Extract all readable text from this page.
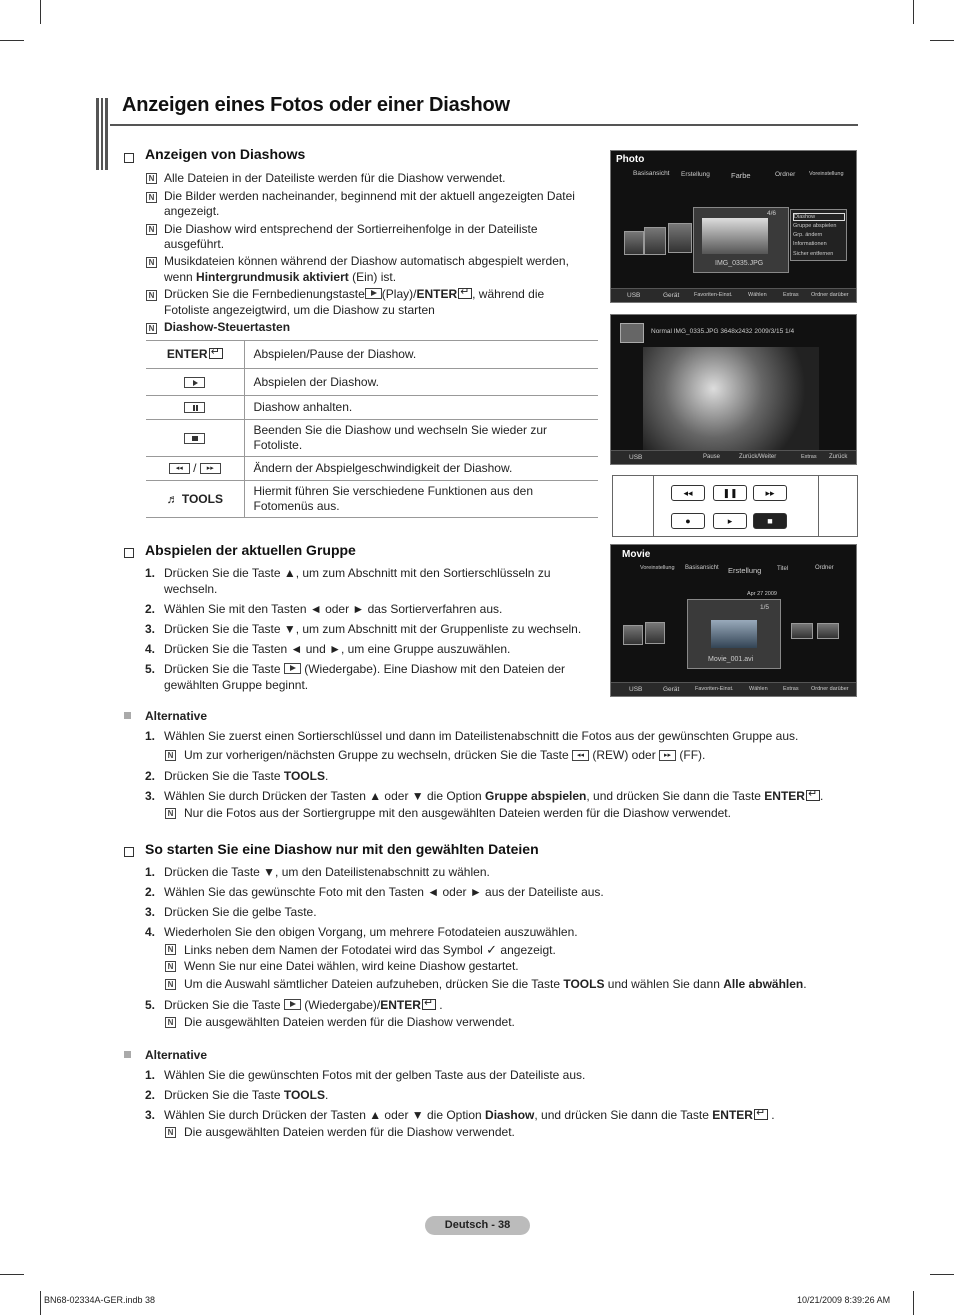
Anzeigen eines Fotos oder einer Diashow
Anzeigen von Diashows
N Alle Dateien in der Dateiliste werden für die Diashow verwendet.
N Die Bilder werden nacheinander, beginnend mit der aktuell angezeigten Datei
angezeigt.
N Die Diashow wird entsprechend der Sortierreihenfolge in der Dateiliste
ausgeführt.
N Musikdateien können während der Diashow automatisch abgespielt werden,
wenn Hintergrundmusik aktiviert (Ein) ist.
N Drücken Sie die Fernbedienungstaste (Play)/ENTER ↵ , während die
Fotoliste angezeigtwird, um die Diashow zu starten
N Diashow-Steuertasten
ENTER↵	Abspielen/Pause der Diashow.

	Abspielen der Diashow.

	Diashow anhalten.

	Beenden Sie die Diashow und wechseln Sie wieder zur
Fotoliste.
◂◂ / ▸▸	Ändern der Abspielgeschwindigkeit der Diashow.
♬ TOOLS	Hiermit führen Sie verschiedene Funktionen aus den
Fotomenüs aus.
Abspielen der aktuellen Gruppe
1. Drücken Sie die Taste ▲, um zum Abschnitt mit den Sortierschlüsseln zu
wechseln.
2. Wählen Sie mit den Tasten ◄ oder ► das Sortierverfahren aus.
3. Drücken Sie die Taste ▼, um zum Abschnitt mit der Gruppenliste zu wechseln.
4. Drücken Sie die Tasten ◄ und ►, um eine Gruppe auszuwählen.
5. Drücken Sie die Taste (Wiedergabe). Eine Diashow mit den Dateien der
gewählten Gruppe beginnt.
Alternative
1. Wählen Sie zuerst einen Sortierschlüssel und dann im Dateilistenabschnitt die Fotos aus der gewünschten Gruppe aus.
N Um zur vorherigen/nächsten Gruppe zu wechseln, drücken Sie die Taste ◂◂ (REW) oder ▸▸ (FF).
2. Drücken Sie die Taste TOOLS.
3. Wählen Sie durch Drücken der Tasten ▲ oder ▼ die Option Gruppe abspielen, und drücken Sie dann die Taste ENTER ↵ .
N Nur die Fotos aus der Sortiergruppe mit den ausgewählten Dateien werden für die Diashow verwendet.
So starten Sie eine Diashow nur mit den gewählten Dateien
1. Drücken die Taste ▼, um den Dateilistenabschnitt zu wählen.
2. Wählen Sie das gewünschte Foto mit den Tasten ◄ oder ► aus der Dateiliste aus.
3. Drücken Sie die gelbe Taste.
4. Wiederholen Sie den obigen Vorgang, um mehrere Fotodateien auszuwählen.
N Links neben dem Namen der Fotodatei wird das Symbol ✓ angezeigt.
N Wenn Sie nur eine Datei wählen, wird keine Diashow gestartet.
N Um die Auswahl sämtlicher Dateien aufzuheben, drücken Sie die Taste TOOLS und wählen Sie dann Alle abwählen.
5. Drücken Sie die Taste (Wiedergabe)/ENTER↵ .
N Die ausgewählten Dateien werden für die Diashow verwendet.
Alternative
1. Wählen Sie die gewünschten Fotos mit der gelben Taste aus der Dateiliste aus.
2. Drücken Sie die Taste TOOLS.
3. Wählen Sie durch Drücken der Tasten ▲ oder ▼ die Option Diashow, und drücken Sie dann die Taste ENTER↵ .
N Die ausgewählten Dateien werden für die Diashow verwendet.
Photo
Basisansicht Erstellung	Farbe	Ordner	Voreinstellung
4/6
IMG_0335.JPG
Diashow
Gruppe abspielen
Grp. ändern
Informationen
Sicher entfernen
USB	Gerät	Favoriten-Einst.	Wählen	Extras Ordner darüber
Normal IMG_0335.JPG 3648x2432 2009/3/15 1/4
USB	Pause	Zurück/Weiter	Extras Zurück
◂◂	❚❚	▸▸
●	▸	■
Movie
Voreinstellung Basisansicht Erstellung	Titel	Ordner
Apr 27 2009
1/5
Movie_001.avi
USB	Gerät	Favoriten-Einst.	Wählen	Extras Ordner darüber
Deutsch - 38
BN68-02334A-GER.indb 38	10/21/2009 8:39:26 AM
